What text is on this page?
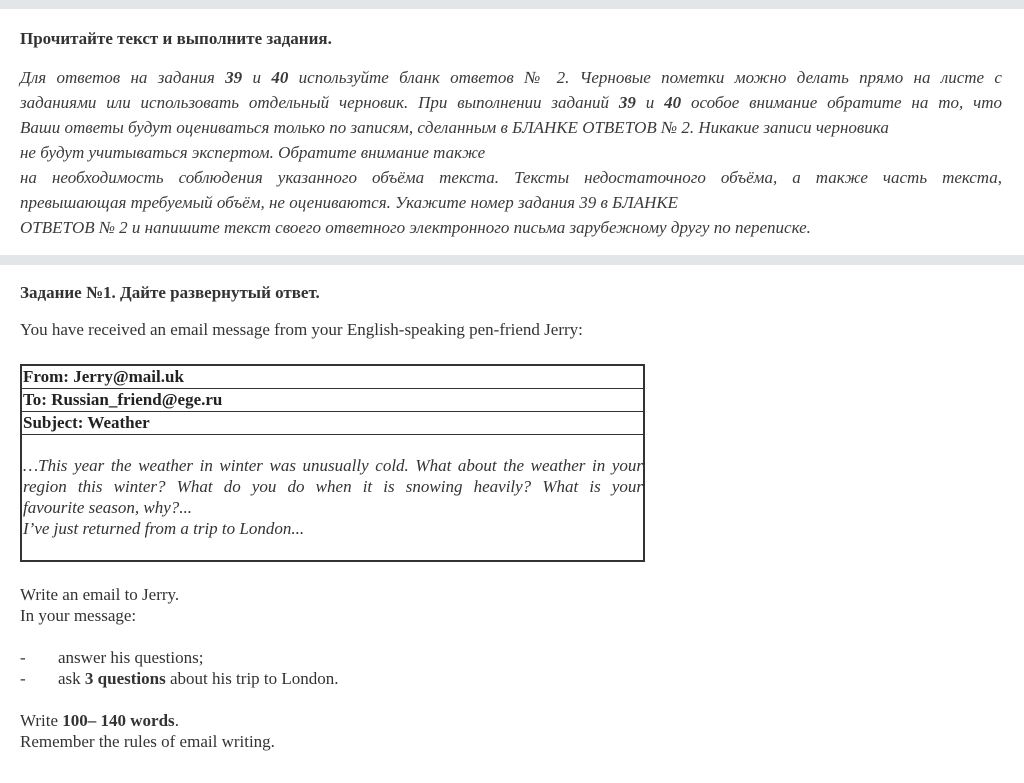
Прочитайте текст и выполните задания.
Для ответов на задания 39 и 40 используйте бланк ответов № 2. Черновые пометки можно делать прямо на листе с
заданиями или использовать отдельный черновик. При выполнении заданий 39 и 40 особое внимание обратите на то, что
Ваши ответы будут оцениваться только по записям, сделанным в БЛАНКЕ ОТВЕТОВ № 2. Никакие записи черновика
не будут учитываться экспертом. Обратите внимание также
на необходимость соблюдения указанного объёма текста. Тексты недостаточного объёма, а также часть текста,
превышающая требуемый объём, не оцениваются. Укажите номер задания 39 в БЛАНКЕ
ОТВЕТОВ № 2 и напишите текст своего ответного электронного письма зарубежному другу по переписке.
Задание №1. Дайте развернутый ответ.
You have received an email message from your English-speaking pen-friend Jerry:
From: Jerry@mail.uk
To: Russian_friend@ege.ru
Subject: Weather
…This year the weather in winter was unusually cold. What about the weather in your
region this winter? What do you do when it is snowing heavily? What is your
favourite season, why?...
I’ve just returned from a trip to London...
Write an email to Jerry.
In your message:
-	answer his questions;
-	ask 3 questions about his trip to London.
Write 100– 140 words.
Remember the rules of email writing.
